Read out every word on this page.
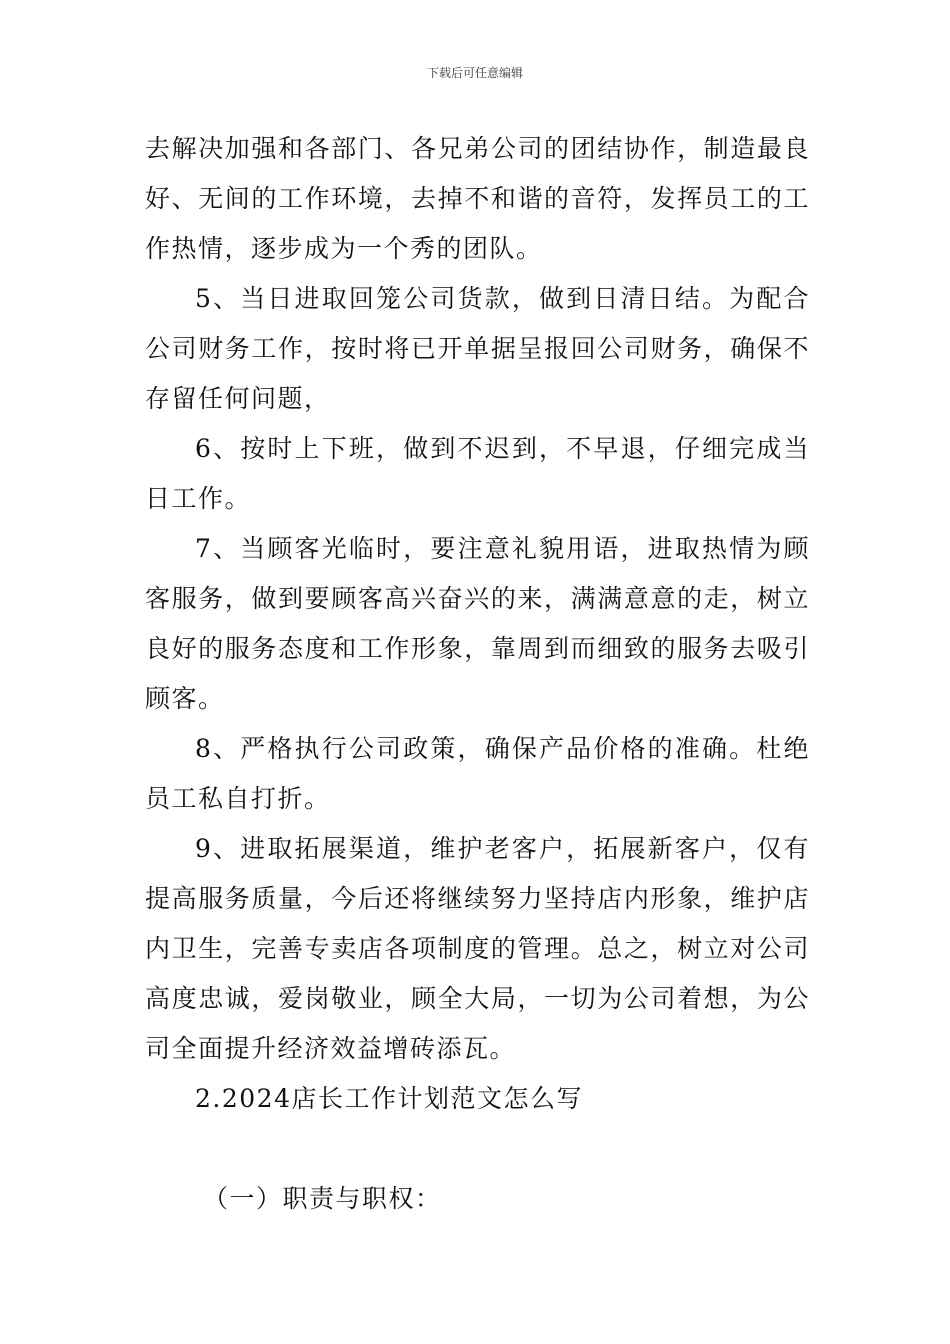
下载后可任意编辑

去解决加强和各部门、各兄弟公司的团结协作，制造最良好、无间的工作环境，去掉不和谐的音符，发挥员工的工作热情，逐步成为一个秀的团队。

5、当日进取回笼公司货款，做到日清日结。为配合公司财务工作，按时将已开单据呈报回公司财务，确保不存留任何问题，

6、按时上下班，做到不迟到，不早退，仔细完成当日工作。

7、当顾客光临时，要注意礼貌用语，进取热情为顾客服务，做到要顾客高兴奋兴的来，满满意意的走，树立良好的服务态度和工作形象，靠周到而细致的服务去吸引顾客。

8、严格执行公司政策，确保产品价格的准确。杜绝员工私自打折。

9、进取拓展渠道，维护老客户，拓展新客户，仅有提高服务质量，今后还将继续努力坚持店内形象，维护店内卫生，完善专卖店各项制度的管理。总之，树立对公司高度忠诚，爱岗敬业，顾全大局，一切为公司着想，为公司全面提升经济效益增砖添瓦。

2.2024店长工作计划范文怎么写

（一）职责与职权：
